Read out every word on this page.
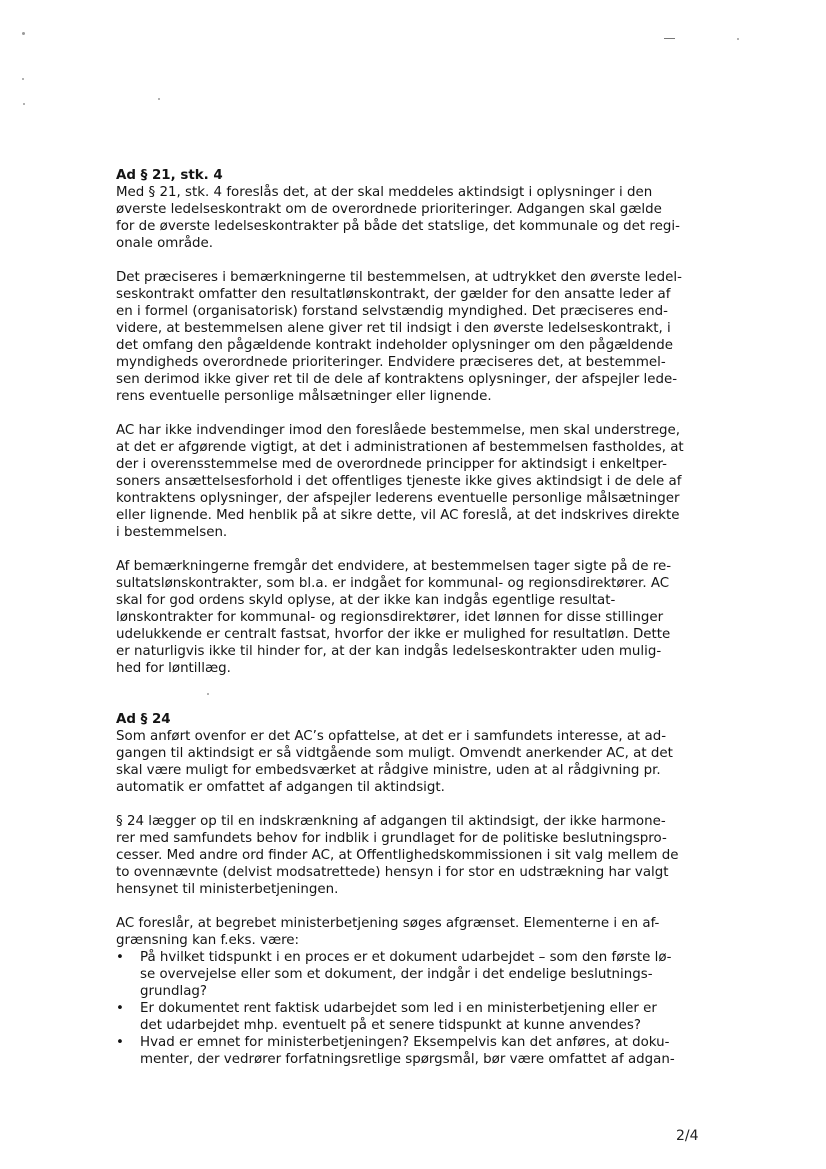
Ad § 21, stk. 4

Med § 21, stk. 4 foreslås det, at der skal meddeles aktindsigt i oplysninger i den
øverste ledelseskontrakt om de overordnede prioriteringer. Adgangen skal gælde
for de øverste ledelseskontrakter på både det statslige, det kommunale og det regi-
onale område.

Det præciseres i bemærkningerne til bestemmelsen, at udtrykket den øverste ledel-
seskontrakt omfatter den resultatlønskontrakt, der gælder for den ansatte leder af
en i formel (organisatorisk) forstand selvstændig myndighed. Det præciseres end-
videre, at bestemmelsen alene giver ret til indsigt i den øverste ledelseskontrakt, i
det omfang den pågældende kontrakt indeholder oplysninger om den pågældende
myndigheds overordnede prioriteringer. Endvidere præciseres det, at bestemmel-
sen derimod ikke giver ret til de dele af kontraktens oplysninger, der afspejler lede-
rens eventuelle personlige målsætninger eller lignende.

AC har ikke indvendinger imod den foreslåede bestemmelse, men skal understrege,
at det er afgørende vigtigt, at det i administrationen af bestemmelsen fastholdes, at
der i overensstemmelse med de overordnede principper for aktindsigt i enkeltper-
soners ansættelsesforhold i det offentliges tjeneste ikke gives aktindsigt i de dele af
kontraktens oplysninger, der afspejler lederens eventuelle personlige målsætninger
eller lignende. Med henblik på at sikre dette, vil AC foreslå, at det indskrives direkte
i bestemmelsen.

Af bemærkningerne fremgår det endvidere, at bestemmelsen tager sigte på de re-
sultatslønskontrakter, som bl.a. er indgået for kommunal- og regionsdirektører. AC
skal for god ordens skyld oplyse, at der ikke kan indgås egentlige resultat-
lønskontrakter for kommunal- og regionsdirektører, idet lønnen for disse stillinger
udelukkende er centralt fastsat, hvorfor der ikke er mulighed for resultatløn. Dette
er naturligvis ikke til hinder for, at der kan indgås ledelseskontrakter uden mulig-
hed for løntillæg.

Ad § 24

Som anført ovenfor er det AC’s opfattelse, at det er i samfundets interesse, at ad-
gangen til aktindsigt er så vidtgående som muligt. Omvendt anerkender AC, at det
skal være muligt for embedsværket at rådgive ministre, uden at al rådgivning pr.
automatik er omfattet af adgangen til aktindsigt.

§ 24 lægger op til en indskrænkning af adgangen til aktindsigt, der ikke harmone-
rer med samfundets behov for indblik i grundlaget for de politiske beslutningspro-
cesser. Med andre ord finder AC, at Offentlighedskommissionen i sit valg mellem de
to ovennævnte (delvist modsatrettede) hensyn i for stor en udstrækning har valgt
hensynet til ministerbetjeningen.

AC foreslår, at begrebet ministerbetjening søges afgrænset. Elementerne i en af-
grænsning kan f.eks. være:

• På hvilket tidspunkt i en proces er et dokument udarbejdet – som den første lø-
se overvejelse eller som et dokument, der indgår i det endelige beslutnings-
grundlag?
• Er dokumentet rent faktisk udarbejdet som led i en ministerbetjening eller er
det udarbejdet mhp. eventuelt på et senere tidspunkt at kunne anvendes?
• Hvad er emnet for ministerbetjeningen? Eksempelvis kan det anføres, at doku-
menter, der vedrører forfatningsretlige spørgsmål, bør være omfattet af adgan-
2/4
